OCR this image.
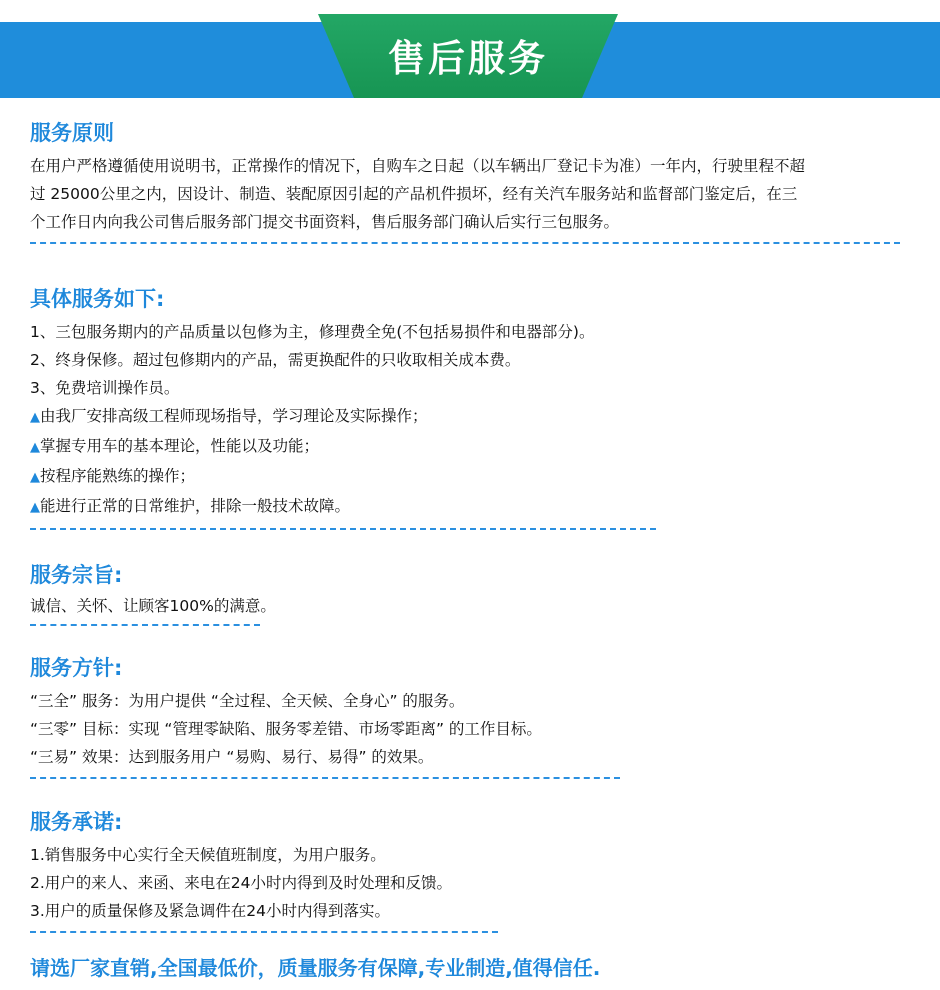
售后服务
服务原则

在用户严格遵循使用说明书，正常操作的情况下，自购车之日起（以车辆出厂登记卡为准）一年内，行驶里程不超

过 25000公里之内，因设计、制造、装配原因引起的产品机件损坏，经有关汽车服务站和监督部门鉴定后，在三

个工作日内向我公司售后服务部门提交书面资料，售后服务部门确认后实行三包服务。

具体服务如下:

1、三包服务期内的产品质量以包修为主，修理费全免(不包括易损件和电器部分)。

2、终身保修。超过包修期内的产品，需更换配件的只收取相关成本费。

3、免费培训操作员。

▲由我厂安排高级工程师现场指导，学习理论及实际操作；

▲掌握专用车的基本理论，性能以及功能；

▲按程序能熟练的操作；

▲能进行正常的日常维护，排除一般技术故障。

服务宗旨:

诚信、关怀、让顾客100%的满意。

服务方针:

“三全” 服务：为用户提供 “全过程、全天候、全身心” 的服务。

“三零” 目标：实现 “管理零缺陷、服务零差错、市场零距离” 的工作目标。

“三易” 效果：达到服务用户 “易购、易行、易得” 的效果。

服务承诺:

1.销售服务中心实行全天候值班制度，为用户服务。

2.用户的来人、来函、来电在24小时内得到及时处理和反馈。

3.用户的质量保修及紧急调件在24小时内得到落实。

请选厂家直销,全国最低价，质量服务有保障,专业制造,值得信任.
